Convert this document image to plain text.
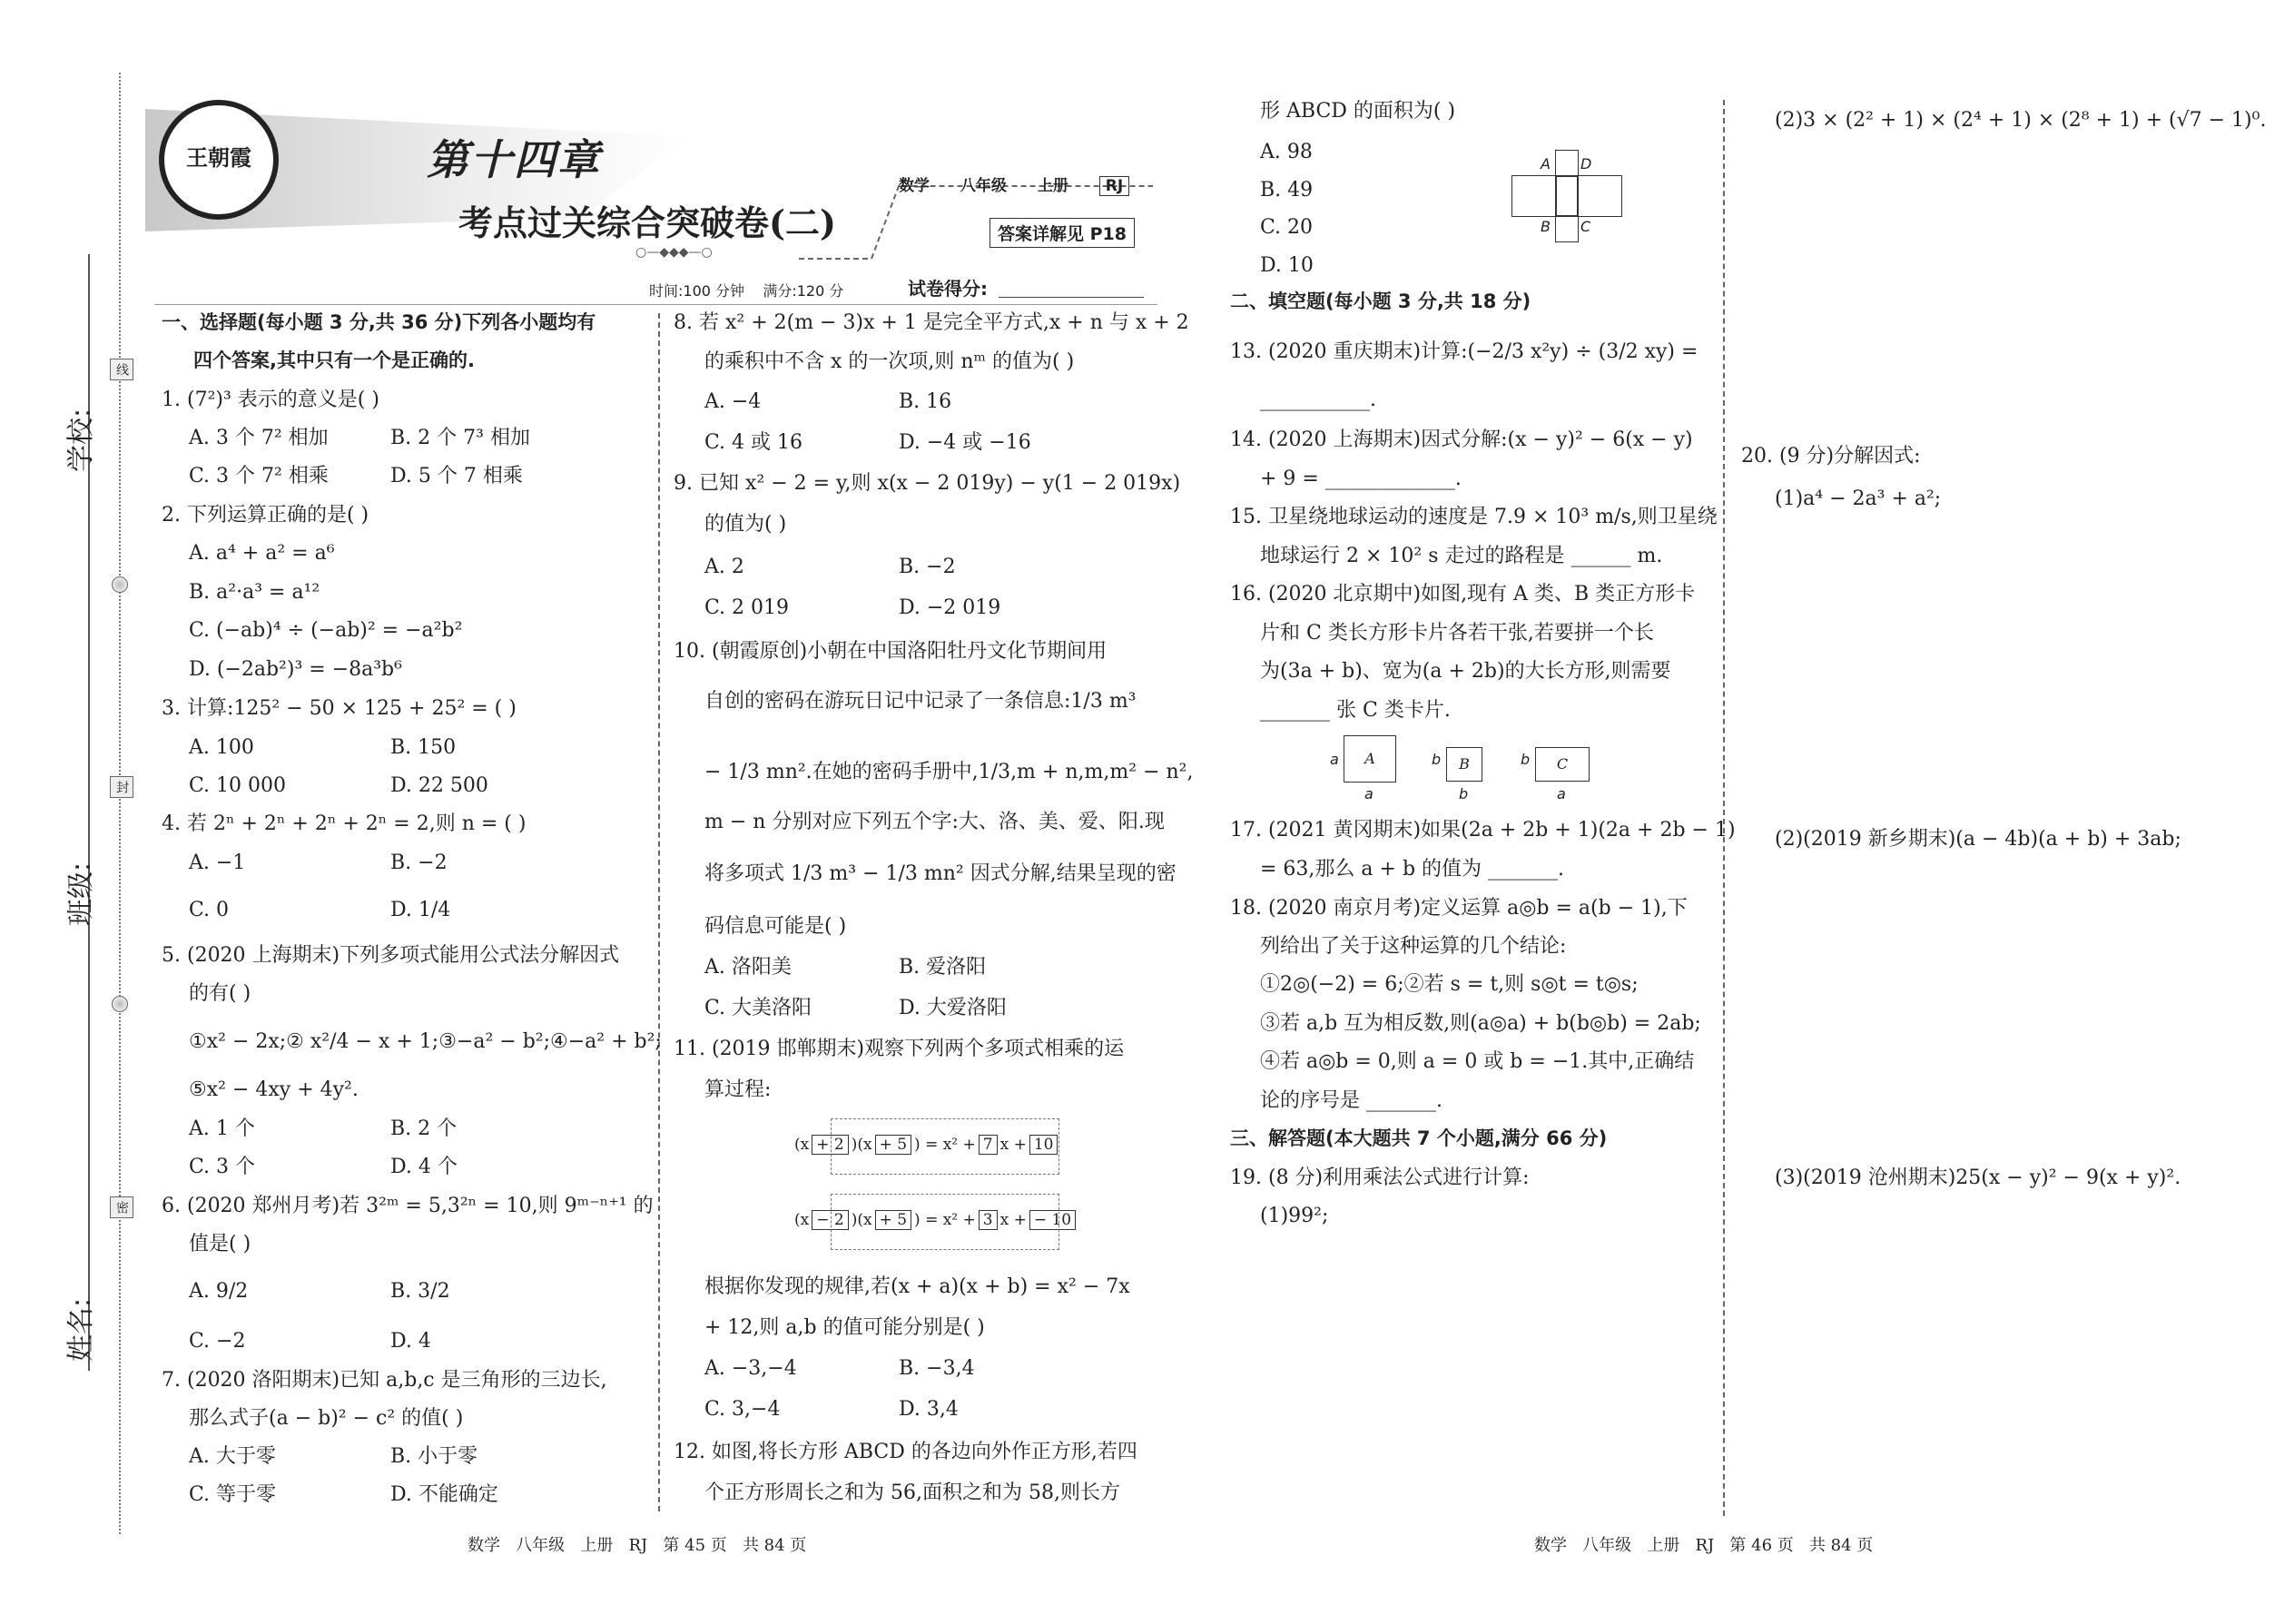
学校:
班级:
姓名:
线
封
密
王朝霞	第十四章
考点过关综合突破卷(二)
○—◆◆◆—○
数学 八年级 上册 RJ
答案详解见 P18
时间:100 分钟    满分:120 分	试卷得分:
一、选择题(每小题 3 分,共 36 分)下列各小题均有
四个答案,其中只有一个是正确的.
1. (7²)³ 表示的意义是( )
A. 3 个 7² 相加	B. 2 个 7³ 相加
C. 3 个 7² 相乘	D. 5 个 7 相乘
2. 下列运算正确的是( )
A. a⁴ + a² = a⁶
B. a²·a³ = a¹²
C. (−ab)⁴ ÷ (−ab)² = −a²b²
D. (−2ab²)³ = −8a³b⁶
3. 计算:125² − 50 × 125 + 25² = ( )
A. 100	B. 150
C. 10 000	D. 22 500
4. 若 2ⁿ + 2ⁿ + 2ⁿ + 2ⁿ = 2,则 n = ( )
A. −1	B. −2
C. 0	D. 1/4
5. (2020 上海期末)下列多项式能用公式法分解因式
的有( )
①x² − 2x;② x²/4 − x + 1;③−a² − b²;④−a² + b²;
⑤x² − 4xy + 4y².
A. 1 个	B. 2 个
C. 3 个	D. 4 个
6. (2020 郑州月考)若 3²ᵐ = 5,3²ⁿ = 10,则 9ᵐ⁻ⁿ⁺¹ 的
值是( )
A. 9/2	B. 3/2
C. −2	D. 4
7. (2020 洛阳期末)已知 a,b,c 是三角形的三边长,
那么式子(a − b)² − c² 的值( )
A. 大于零	B. 小于零
C. 等于零	D. 不能确定
8. 若 x² + 2(m − 3)x + 1 是完全平方式,x + n 与 x + 2
的乘积中不含 x 的一次项,则 nᵐ 的值为( )
A. −4	B. 16
C. 4 或 16	D. −4 或 −16
9. 已知 x² − 2 = y,则 x(x − 2 019y) − y(1 − 2 019x)
的值为( )
A. 2	B. −2
C. 2 019	D. −2 019
10. (朝霞原创)小朝在中国洛阳牡丹文化节期间用
自创的密码在游玩日记中记录了一条信息:1/3 m³
− 1/3 mn².在她的密码手册中,1/3,m + n,m,m² − n²,
m − n 分别对应下列五个字:大、洛、美、爱、阳.现
将多项式 1/3 m³ − 1/3 mn² 因式分解,结果呈现的密
码信息可能是( )
A. 洛阳美	B. 爱洛阳
C. 大美洛阳	D. 大爱洛阳
11. (2019 邯郸期末)观察下列两个多项式相乘的运
算过程:
(x + 2 )(x + 5 ) = x² + 7 x + 10
(x − 2 )(x + 5 ) = x² + 3 x + − 10
根据你发现的规律,若(x + a)(x + b) = x² − 7x
+ 12,则 a,b 的值可能分别是( )
A. −3,−4	B. −3,4
C. 3,−4	D. 3,4
12. 如图,将长方形 ABCD 的各边向外作正方形,若四
个正方形周长之和为 56,面积之和为 58,则长方
形 ABCD 的面积为( )
A. 98
B. 49
C. 20
D. 10
A D
B C
二、填空题(每小题 3 分,共 18 分)
13. (2020 重庆期末)计算:(−2/3 x²y) ÷ (3/2 xy) =
___________.
14. (2020 上海期末)因式分解:(x − y)² − 6(x − y)
+ 9 = _____________.
15. 卫星绕地球运动的速度是 7.9 × 10³ m/s,则卫星绕
地球运行 2 × 10² s 走过的路程是 ______ m.
16. (2020 北京期中)如图,现有 A 类、B 类正方形卡
片和 C 类长方形卡片各若干张,若要拼一个长
为(3a + b)、宽为(a + 2b)的大长方形,则需要
_______ 张 C 类卡片.
a	A
a
b	B
b
b	C
a
17. (2021 黄冈期末)如果(2a + 2b + 1)(2a + 2b − 1)
= 63,那么 a + b 的值为 _______.
18. (2020 南京月考)定义运算 a◎b = a(b − 1),下
列给出了关于这种运算的几个结论:
①2◎(−2) = 6;②若 s = t,则 s◎t = t◎s;
③若 a,b 互为相反数,则(a◎a) + b(b◎b) = 2ab;
④若 a◎b = 0,则 a = 0 或 b = −1.其中,正确结
论的序号是 _______.
三、解答题(本大题共 7 个小题,满分 66 分)
19. (8 分)利用乘法公式进行计算:
(1)99²;
(2)3 × (2² + 1) × (2⁴ + 1) × (2⁸ + 1) + (√7 − 1)⁰.
20. (9 分)分解因式:
(1)a⁴ − 2a³ + a²;
(2)(2019 新乡期末)(a − 4b)(a + b) + 3ab;
(3)(2019 沧州期末)25(x − y)² − 9(x + y)².
数学   八年级   上册   RJ   第 45 页   共 84 页	数学   八年级   上册   RJ   第 46 页   共 84 页
